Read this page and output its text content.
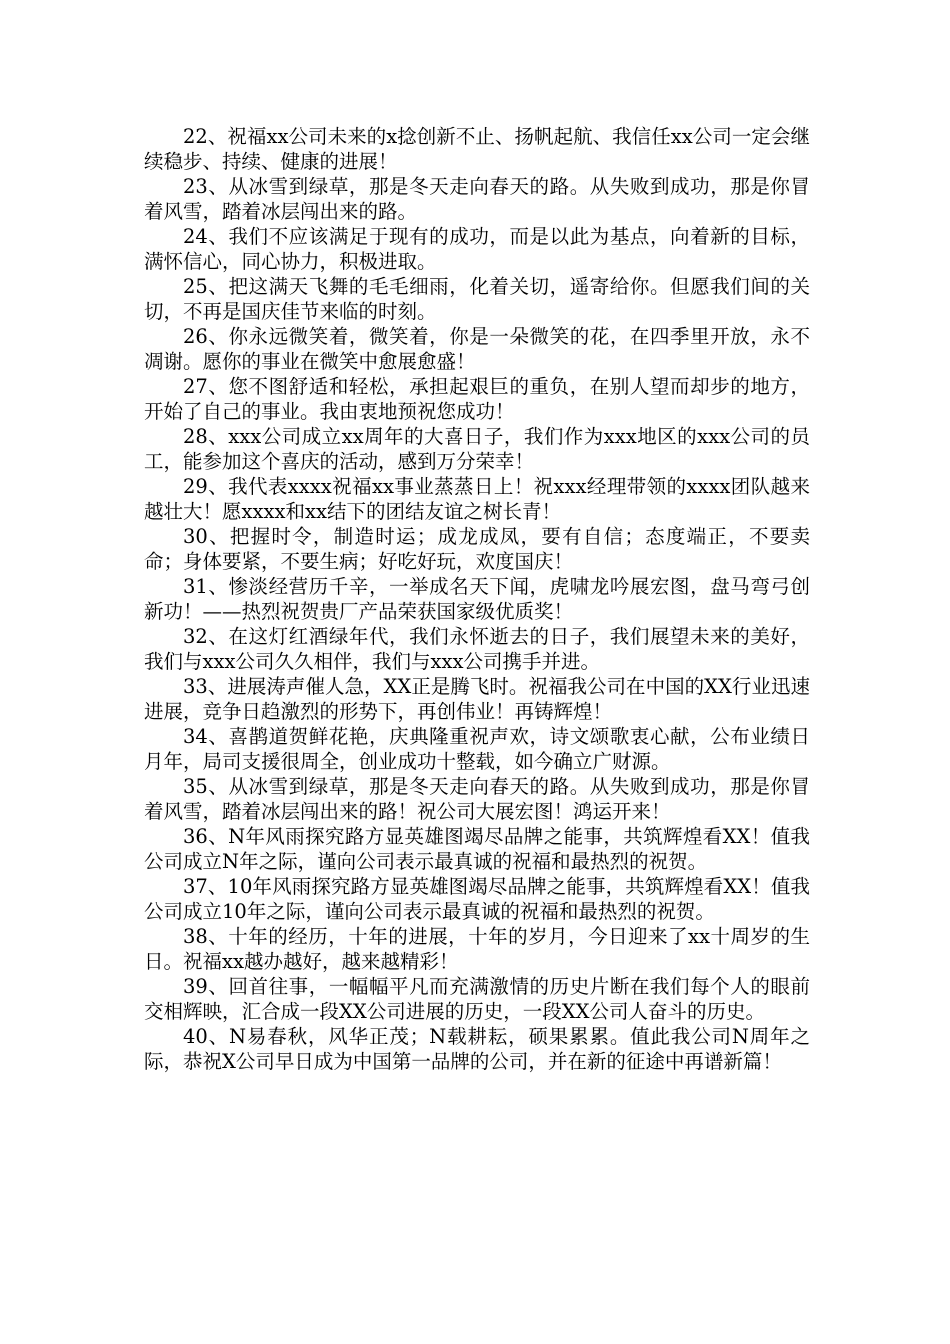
22、祝福xx公司未来的x捻创新不止、扬帆起航、我信任xx公司一定会继续稳步、持续、健康的进展！

23、从冰雪到绿草，那是冬天走向春天的路。从失败到成功，那是你冒着风雪，踏着冰层闯出来的路。

24、我们不应该满足于现有的成功，而是以此为基点，向着新的目标，满怀信心，同心协力，积极进取。

25、把这满天飞舞的毛毛细雨，化着关切，遥寄给你。但愿我们间的关切，不再是国庆佳节来临的时刻。

26、你永远微笑着，微笑着，你是一朵微笑的花，在四季里开放，永不凋谢。愿你的事业在微笑中愈展愈盛！

27、您不图舒适和轻松，承担起艰巨的重负，在别人望而却步的地方，开始了自己的事业。我由衷地预祝您成功！

28、xxx公司成立xx周年的大喜日子，我们作为xxx地区的xxx公司的员工，能参加这个喜庆的活动，感到万分荣幸！

29、我代表xxxx祝福xx事业蒸蒸日上！祝xxx经理带领的xxxx团队越来越壮大！愿xxxx和xx结下的团结友谊之树长青！

30、把握时令，制造时运；成龙成凤，要有自信；态度端正，不要卖命；身体要紧，不要生病；好吃好玩，欢度国庆！

31、惨淡经营历千辛，一举成名天下闻，虎啸龙吟展宏图，盘马弯弓创新功！——热烈祝贺贵厂产品荣获国家级优质奖！

32、在这灯红酒绿年代，我们永怀逝去的日子，我们展望未来的美好，我们与xxx公司久久相伴，我们与xxx公司携手并进。

33、进展涛声催人急，XX正是腾飞时。祝福我公司在中国的XX行业迅速进展，竞争日趋激烈的形势下，再创伟业！再铸辉煌！

34、喜鹊道贺鲜花艳，庆典隆重祝声欢，诗文颂歌衷心献，公布业绩日月年，局司支援很周全，创业成功十整载，如今确立广财源。

35、从冰雪到绿草，那是冬天走向春天的路。从失败到成功，那是你冒着风雪，踏着冰层闯出来的路！祝公司大展宏图！鸿运开来！

36、N年风雨探究路方显英雄图竭尽品牌之能事，共筑辉煌看XX！值我公司成立N年之际，谨向公司表示最真诚的祝福和最热烈的祝贺。

37、10年风雨探究路方显英雄图竭尽品牌之能事，共筑辉煌看XX！值我公司成立10年之际，谨向公司表示最真诚的祝福和最热烈的祝贺。

38、十年的经历，十年的进展，十年的岁月，今日迎来了xx十周岁的生日。祝福xx越办越好，越来越精彩！

39、回首往事，一幅幅平凡而充满激情的历史片断在我们每个人的眼前交相辉映，汇合成一段XX公司进展的历史，一段XX公司人奋斗的历史。

40、N易春秋，风华正茂；N载耕耘，硕果累累。值此我公司N周年之际，恭祝X公司早日成为中国第一品牌的公司，并在新的征途中再谱新篇！
